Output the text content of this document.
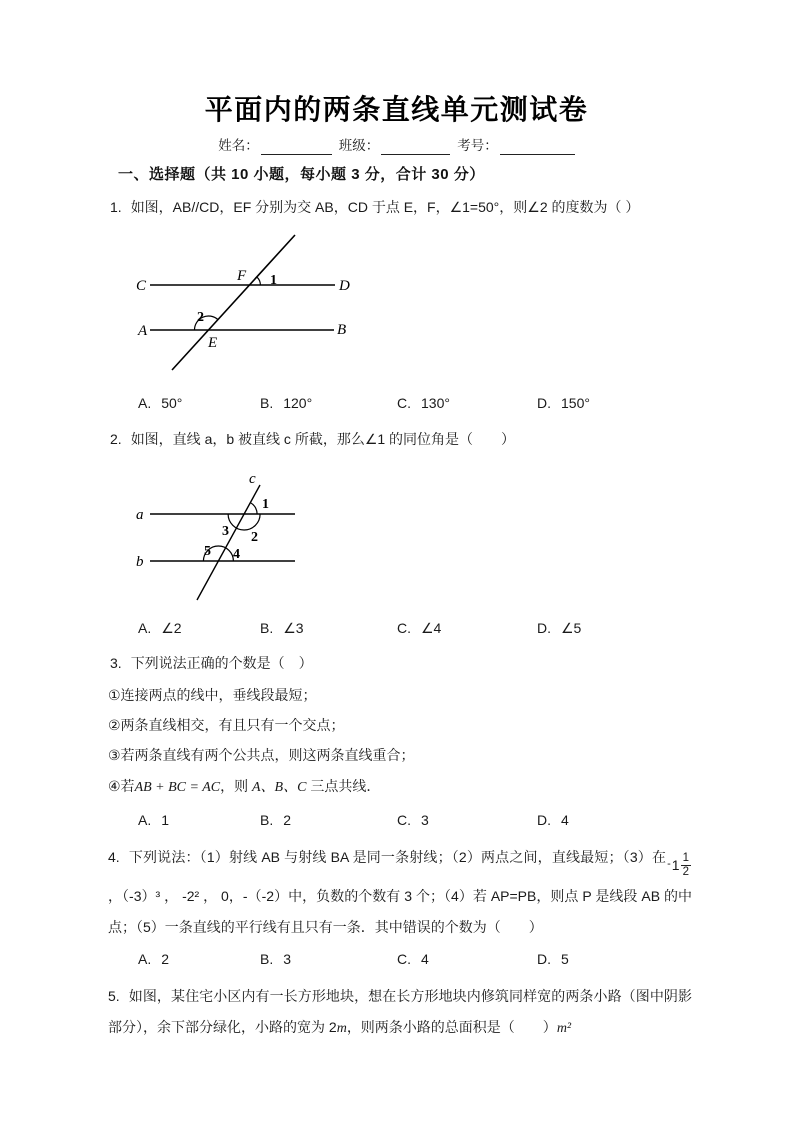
平面内的两条直线单元测试卷
姓名：	班级：	考号：
一、选择题（共 10 小题，每小题 3 分，合计 30 分）
1. 如图，AB//CD，EF 分别为交 AB，CD 于点 E，F，∠1=50°，则∠2 的度数为（ ）
C	D
A	B
F
E
1
2
A. 50°	B. 120°	C. 130°	D. 150°
2. 如图，直线 a，b 被直线 c 所截，那么∠1 的同位角是（　　）
c
a
b
1
2
3
4
5
A. ∠2	B. ∠3	C. ∠4	D. ∠5
3. 下列说法正确的个数是（　）
①连接两点的线中，垂线段最短；
②两条直线相交，有且只有一个交点；
③若两条直线有两个公共点，则这两条直线重合；
④若AB + BC = AC，则 A、B、C 三点共线．
A. 1	B. 2	C. 3	D. 4
4. 下列说法：（1）射线 AB 与射线 BA 是同一条射线；（2）两点之间，直线最短；（3）在 - $1 \frac{1}{2}$
，（-3）³ ， -2² ， 0，-（-2）中，负数的个数有 3 个；（4）若 AP=PB，则点 P 是线段 AB 的中点；（5）一条直线的平行线有且只有一条．其中错误的个数为（　　）
A. 2	B. 3	C. 4	D. 5
5. 如图，某住宅小区内有一长方形地块，想在长方形地块内修筑同样宽的两条小路（图中阴影部分），余下部分绿化，小路的宽为 2m，则两条小路的总面积是（　　）m²
